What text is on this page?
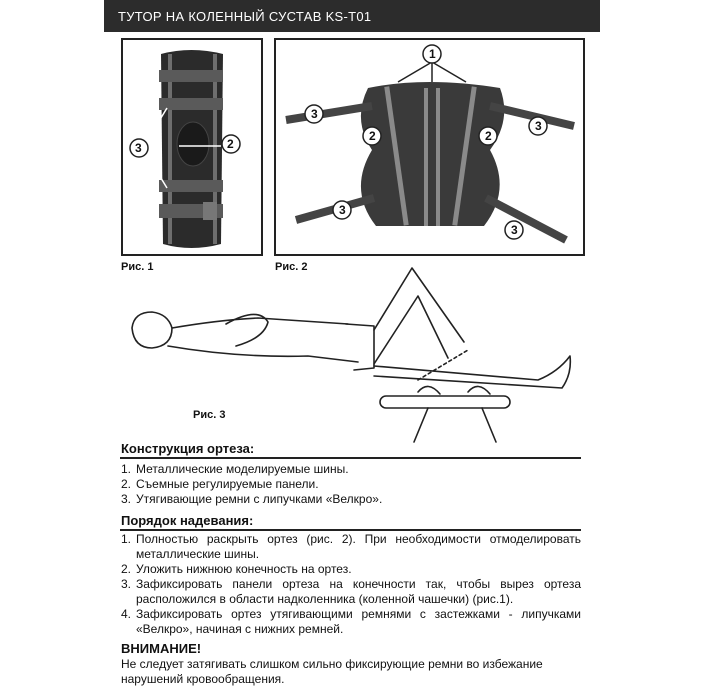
ТУТОР НА КОЛЕННЫЙ СУСТАВ KS-T01
3	2
1
3
2	2
3
3
3
Рис. 1	Рис. 2
Рис. 3
Конструкция ортеза:

1. Металлические моделируемые шины.

2. Съемные регулируемые панели.

3. Утягивающие ремни с липучками «Велкро».

Порядок надевания:

1. Полностью раскрыть ортез (рис. 2). При необходимости отмоделировать металлические шины.

2. Уложить нижнюю конечность на ортез.

3. Зафиксировать панели ортеза на конечности так, чтобы вырез ортеза расположился в области надколенника (коленной чашечки) (рис.1).

4. Зафиксировать ортез утягивающими ремнями с застежками - липучками «Велкро», начиная с нижних ремней.

ВНИМАНИЕ!
Не следует затягивать слишком сильно фиксирующие ремни во избежание нарушений кровообращения.
